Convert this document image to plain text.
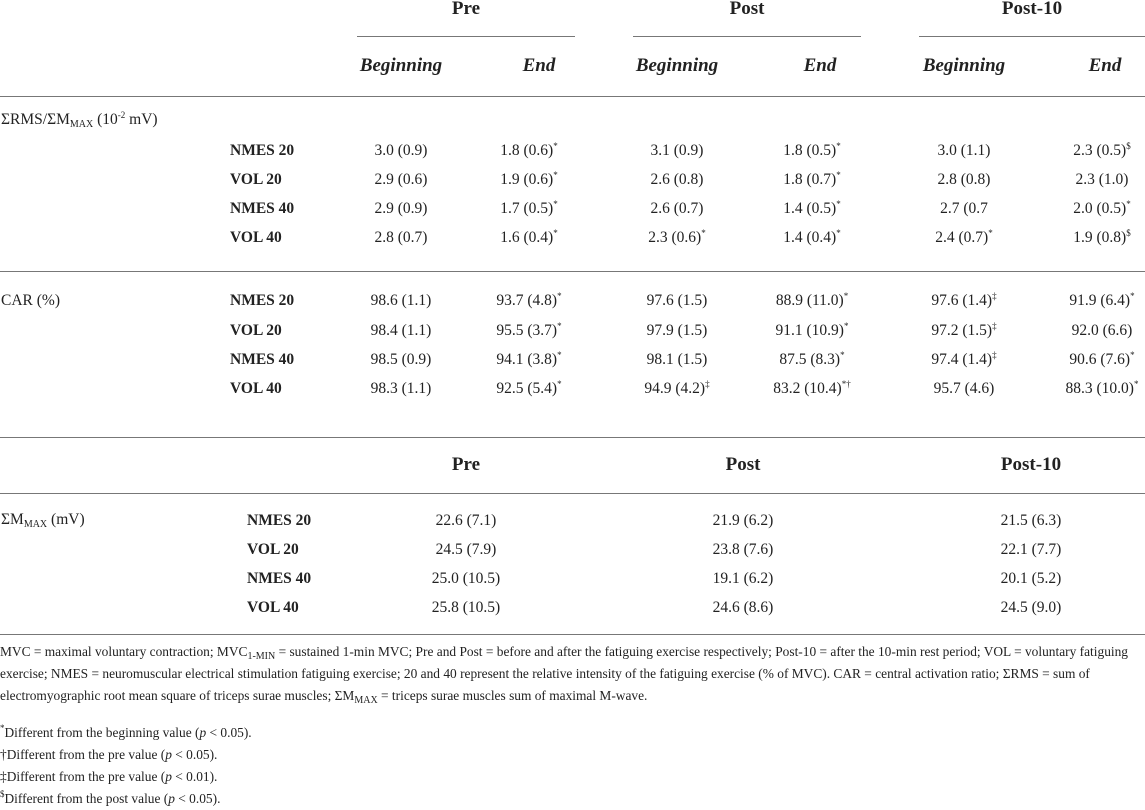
Pre	Post	Post-10
Beginning	End	Beginning	End	Beginning	End
ΣRMS/$\Sigma M_{MAX}$ ($10^{-2}$ mV)
NMES 20	3.0 (0.9)	1.8 (0.6)*	3.1 (0.9)	1.8 (0.5)*	3.0 (1.1)	2.3 (0.5)$
VOL 20	2.9 (0.6)	1.9 (0.6)*	2.6 (0.8)	1.8 (0.7)*	2.8 (0.8)	2.3 (1.0)
NMES 40	2.9 (0.9)	1.7 (0.5)*	2.6 (0.7)	1.4 (0.5)*	2.7 (0.7	2.0 (0.5)*
VOL 40	2.8 (0.7)	1.6 (0.4)*	2.3 (0.6)*	1.4 (0.4)*	2.4 (0.7)*	1.9 (0.8)$
CAR (%)	NMES 20	98.6 (1.1)	93.7 (4.8)*	97.6 (1.5)	88.9 (11.0)*	97.6 (1.4)‡	91.9 (6.4)*
VOL 20	98.4 (1.1)	95.5 (3.7)*	97.9 (1.5)	91.1 (10.9)*	97.2 (1.5)‡	92.0 (6.6)
NMES 40	98.5 (0.9)	94.1 (3.8)*	98.1 (1.5)	87.5 (8.3)*	97.4 (1.4)‡	90.6 (7.6)*
VOL 40	98.3 (1.1)	92.5 (5.4)*	94.9 (4.2)‡	83.2 (10.4)*†	95.7 (4.6)	88.3 (10.0)*
Pre	Post	Post-10
$\Sigma M_{MAX}$ (mV)	NMES 20	22.6 (7.1)	21.9 (6.2)	21.5 (6.3)
VOL 20	24.5 (7.9)	23.8 (7.6)	22.1 (7.7)
NMES 40	25.0 (10.5)	19.1 (6.2)	20.1 (5.2)
VOL 40	25.8 (10.5)	24.6 (8.6)	24.5 (9.0)
MVC = maximal voluntary contraction; $MVC_{1-MIN}$ = sustained 1-min MVC; Pre and Post = before and after the fatiguing exercise respectively; Post-10 = after the 10-min rest period; VOL = voluntary fatiguing exercise; NMES = neuromuscular electrical stimulation fatiguing exercise; 20 and 40 represent the relative intensity of the fatiguing exercise (% of MVC). CAR = central activation ratio; ΣRMS = sum of electromyographic root mean square of triceps surae muscles; $\Sigma M_{MAX}$ = triceps surae muscles sum of maximal M-wave.
*Different from the beginning value (p < 0.05).
†Different from the pre value (p < 0.05).
‡Different from the pre value (p < 0.01).
$Different from the post value (p < 0.05).
